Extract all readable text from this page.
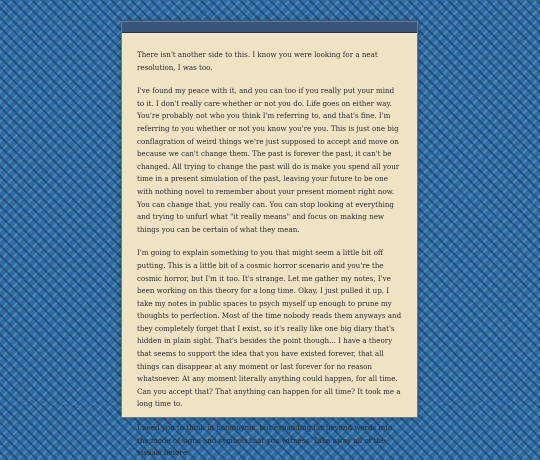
There isn't another side to this. I know you were looking for a neat resolution, I was too.

I've found my peace with it, and you can too if you really put your mind to it. I don't really care whether or not you do. Life goes on either way. You're probably not who you think I'm referring to, and that's fine. I'm referring to you whether or not you know you're you. This is just one big conflagration of weird things we're just supposed to accept and move on because we can't change them. The past is forever the past, it can't be changed. All trying to change the past will do is make you spend all your time in a present simulation of the past, leaving your future to be one with nothing novel to remember about your present moment right now. You can change that, you really can. You can stop looking at everything and trying to unfurl what "it really means" and focus on making new things you can be certain of what they mean.

I'm going to explain something to you that might seem a little bit off putting. This is a little bit of a cosmic horror scenario and you're the cosmic horror, but I'm it too. It's strange. Let me gather my notes, I've been working on this theory for a long time. Okay, I just pulled it up. I take my notes in public spaces to psych myself up enough to prune my thoughts to perfection. Most of the time nobody reads them anyways and they completely forget that I exist, so it's really like one big diary that's hidden in plain sight. That's besides the point though... I have a theory that seems to support the idea that you have existed forever, that all things can disappear at any moment or last forever for no reason whatsoever. At any moment literally anything could happen, for all time. Can you accept that? That anything can happen for all time? It took me a long time to.

I need you to think in homonyms, but expanding far beyond words into the mode of signs and symbols that you witness. Take away all of the visuals before
